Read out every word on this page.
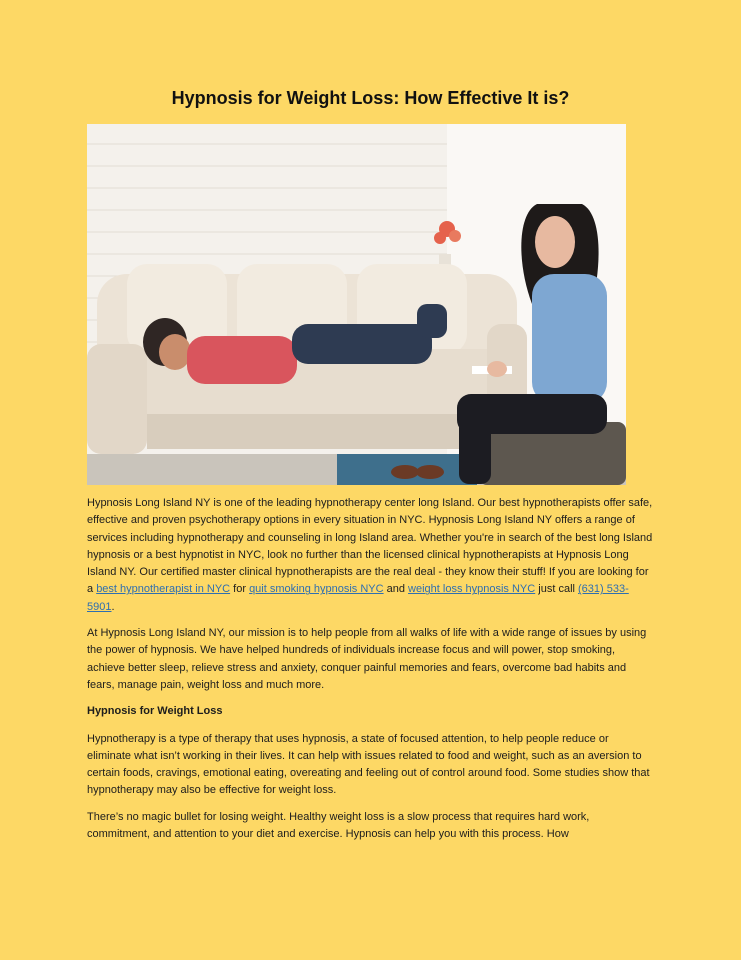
Hypnosis for Weight Loss: How Effective It is?

Hypnosis Long Island NY is one of the leading hypnotherapy center long Island. Our best hypnotherapists offer safe, effective and proven psychotherapy options in every situation in NYC. Hypnosis Long Island NY offers a range of services including hypnotherapy and counseling in long Island area. Whether you're in search of the best long Island hypnosis or a best hypnotist in NYC, look no further than the licensed clinical hypnotherapists at Hypnosis Long Island NY. Our certified master clinical hypnotherapists are the real deal - they know their stuff! If you are looking for a best hypnotherapist in NYC for quit smoking hypnosis NYC and weight loss hypnosis NYC just call (631) 533-5901.

At Hypnosis Long Island NY, our mission is to help people from all walks of life with a wide range of issues by using the power of hypnosis. We have helped hundreds of individuals increase focus and will power, stop smoking, achieve better sleep, relieve stress and anxiety, conquer painful memories and fears, overcome bad habits and fears, manage pain, weight loss and much more.

Hypnosis for Weight Loss

Hypnotherapy is a type of therapy that uses hypnosis, a state of focused attention, to help people reduce or eliminate what isn’t working in their lives. It can help with issues related to food and weight, such as an aversion to certain foods, cravings, emotional eating, overeating and feeling out of control around food. Some studies show that hypnotherapy may also be effective for weight loss.

There’s no magic bullet for losing weight. Healthy weight loss is a slow process that requires hard work, commitment, and attention to your diet and exercise. Hypnosis can help you with this process. How
